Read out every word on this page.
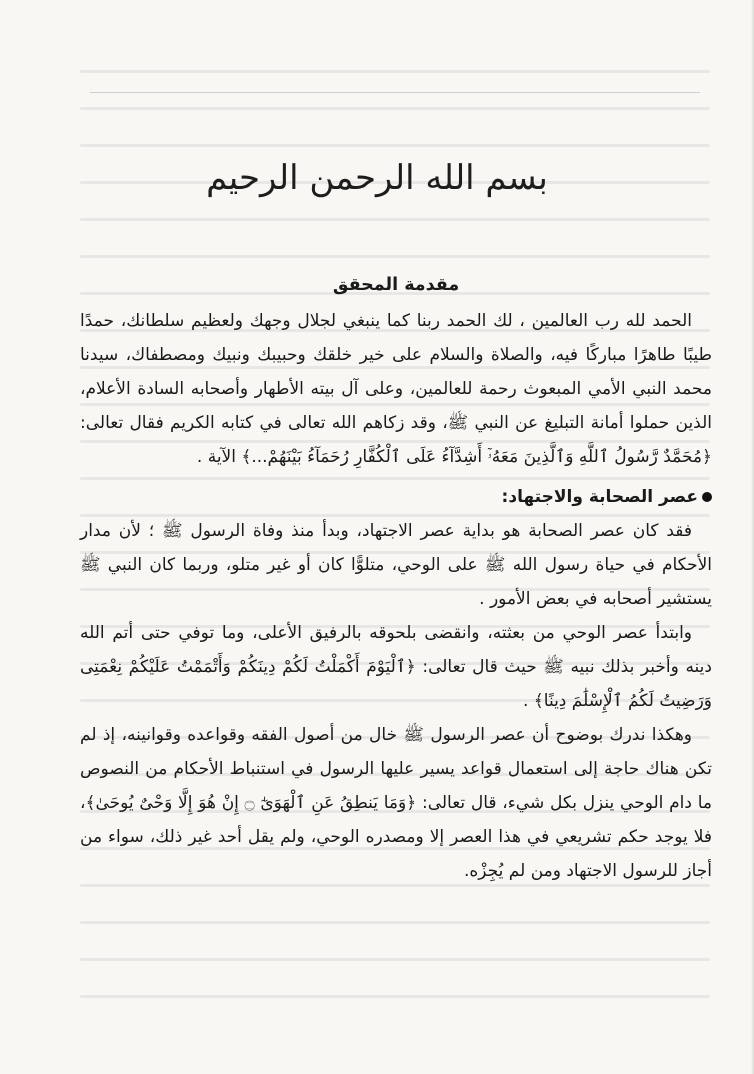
بسم الله الرحمن الرحيم
مقدمة المحقق

الحمد لله رب العالمين ، لك الحمد ربنا كما ينبغي لجلال وجهك ولعظيم سلطانك، حمدًا طيبًا طاهرًا مباركًا فيه، والصلاة والسلام على خير خلقك وحبيبك ونبيك ومصطفاك، سيدنا محمد النبي الأمي المبعوث رحمة للعالمين، وعلى آل بيته الأطهار وأصحابه السادة الأعلام، الذين حملوا أمانة التبليغ عن النبي ﷺ، وقد زكاهم الله تعالى في كتابه الكريم فقال تعالى: ﴿مُحَمَّدٌ رَّسُولُ ٱللَّهِ وَٱلَّذِينَ مَعَهُۥٓ أَشِدَّآءُ عَلَى ٱلْكُفَّارِ رُحَمَآءُ بَيْنَهُمْ...﴾ الآية .

عصر الصحابة والاجتهاد:

فقد كان عصر الصحابة هو بداية عصر الاجتهاد، وبدأ منذ وفاة الرسول ﷺ ؛ لأن مدار الأحكام في حياة رسول الله ﷺ على الوحي، متلوًّا كان أو غير متلو، وربما كان النبي ﷺ يستشير أصحابه في بعض الأمور .

وابتدأ عصر الوحي من بعثته، وانقضى بلحوقه بالرفيق الأعلى، وما توفي حتى أتم الله دينه وأخبر بذلك نبيه ﷺ حيث قال تعالى: ﴿ٱلْيَوْمَ أَكْمَلْتُ لَكُمْ دِينَكُمْ وَأَتْمَمْتُ عَلَيْكُمْ نِعْمَتِى وَرَضِيتُ لَكُمُ ٱلْإِسْلَٰمَ دِينًا﴾ .

وهكذا ندرك بوضوح أن عصر الرسول ﷺ خال من أصول الفقه وقواعده وقوانينه، إذ لم تكن هناك حاجة إلى استعمال قواعد يسير عليها الرسول في استنباط الأحكام من النصوص ما دام الوحي ينزل بكل شيء، قال تعالى: ﴿وَمَا يَنطِقُ عَنِ ٱلْهَوَىٰٓ ۝ إِنْ هُوَ إِلَّا وَحْىٌ يُوحَىٰ﴾، فلا يوجد حكم تشريعي في هذا العصر إلا ومصدره الوحي، ولم يقل أحد غير ذلك، سواء من أجاز للرسول الاجتهاد ومن لم يُجِزْه.
